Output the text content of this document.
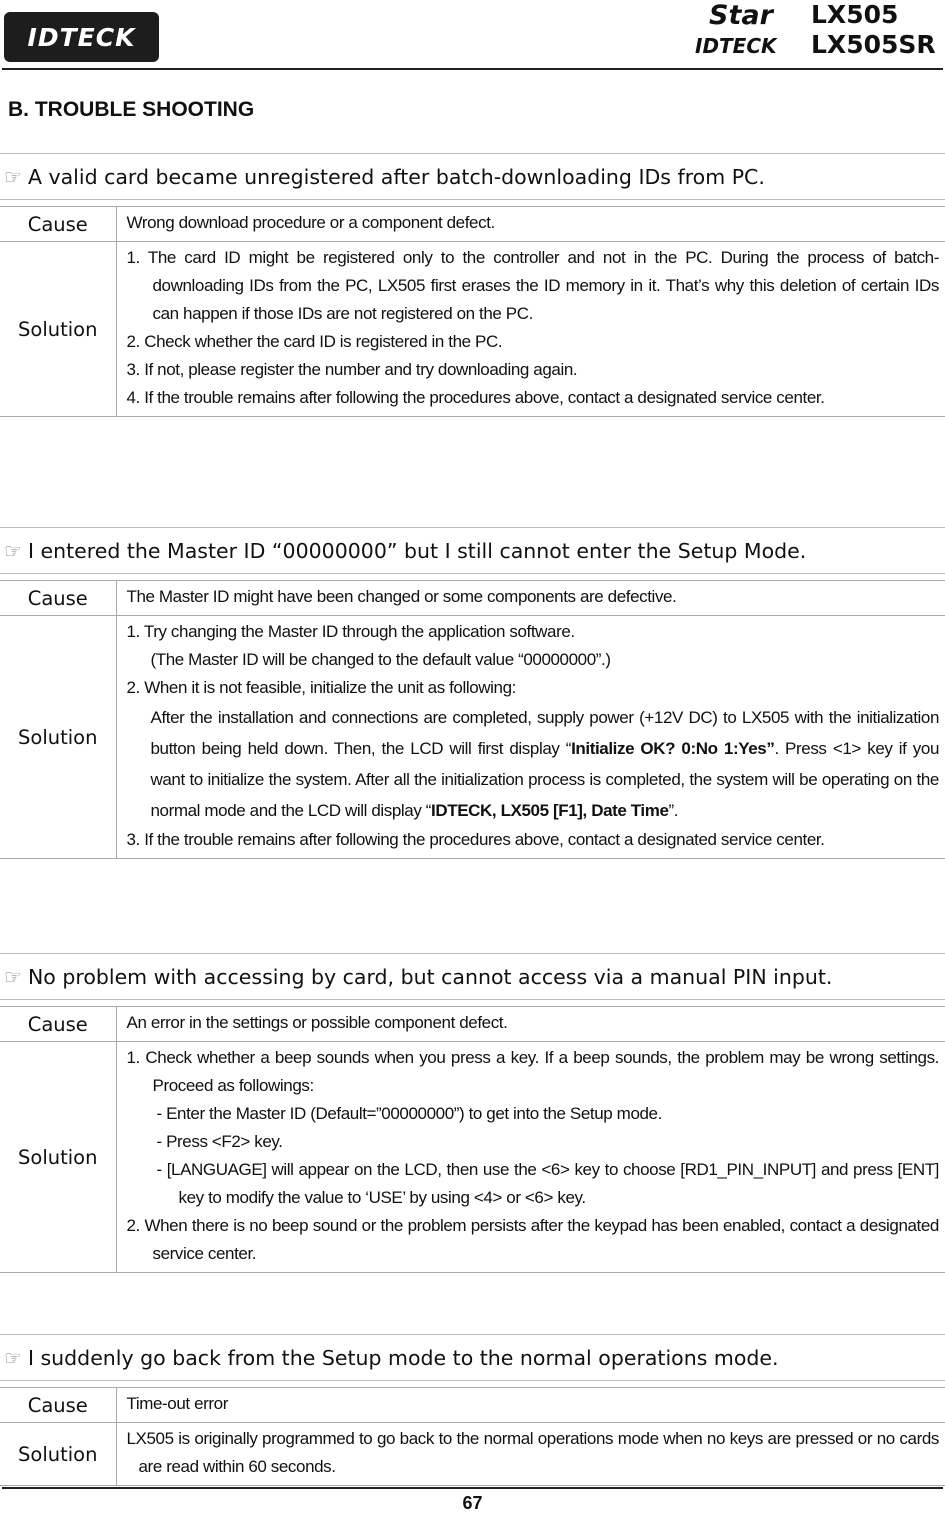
IDTECK
Star
IDTECK
LX505
LX505SR
B. TROUBLE SHOOTING
☞ A valid card became unregistered after batch-downloading IDs from PC.
Cause	Wrong download procedure or a component defect.
Solution	1. The card ID might be registered only to the controller and not in the PC. During the process of batch-downloading IDs from the PC, LX505 first erases the ID memory in it. That’s why this deletion of certain IDs can happen if those IDs are not registered on the PC.
2. Check whether the card ID is registered in the PC.
3. If not, please register the number and try downloading again.
4. If the trouble remains after following the procedures above, contact a designated service center.
☞ I entered the Master ID “00000000” but I still cannot enter the Setup Mode.
Cause	The Master ID might have been changed or some components are defective.
Solution	1. Try changing the Master ID through the application software.
(The Master ID will be changed to the default value “00000000”.)
2. When it is not feasible, initialize the unit as following:
After the installation and connections are completed, supply power (+12V DC) to LX505 with the initialization button being held down. Then, the LCD will first display “Initialize OK? 0:No 1:Yes”. Press <1> key if you want to initialize the system. After all the initialization process is completed, the system will be operating on the normal mode and the LCD will display “IDTECK, LX505 [F1], Date Time”.
3. If the trouble remains after following the procedures above, contact a designated service center.
☞ No problem with accessing by card, but cannot access via a manual PIN input.
Cause	An error in the settings or possible component defect.
Solution	1. Check whether a beep sounds when you press a key. If a beep sounds, the problem may be wrong settings. Proceed as followings:
- Enter the Master ID (Default=”00000000”) to get into the Setup mode.
- Press <F2> key.
- [LANGUAGE] will appear on the LCD, then use the <6> key to choose [RD1_PIN_INPUT] and press [ENT] key to modify the value to ‘USE’ by using <4> or <6> key.
2. When there is no beep sound or the problem persists after the keypad has been enabled, contact a designated service center.
☞ I suddenly go back from the Setup mode to the normal operations mode.
Cause	Time-out error
Solution	LX505 is originally programmed to go back to the normal operations mode when no keys are pressed or no cards are read within 60 seconds.
67
